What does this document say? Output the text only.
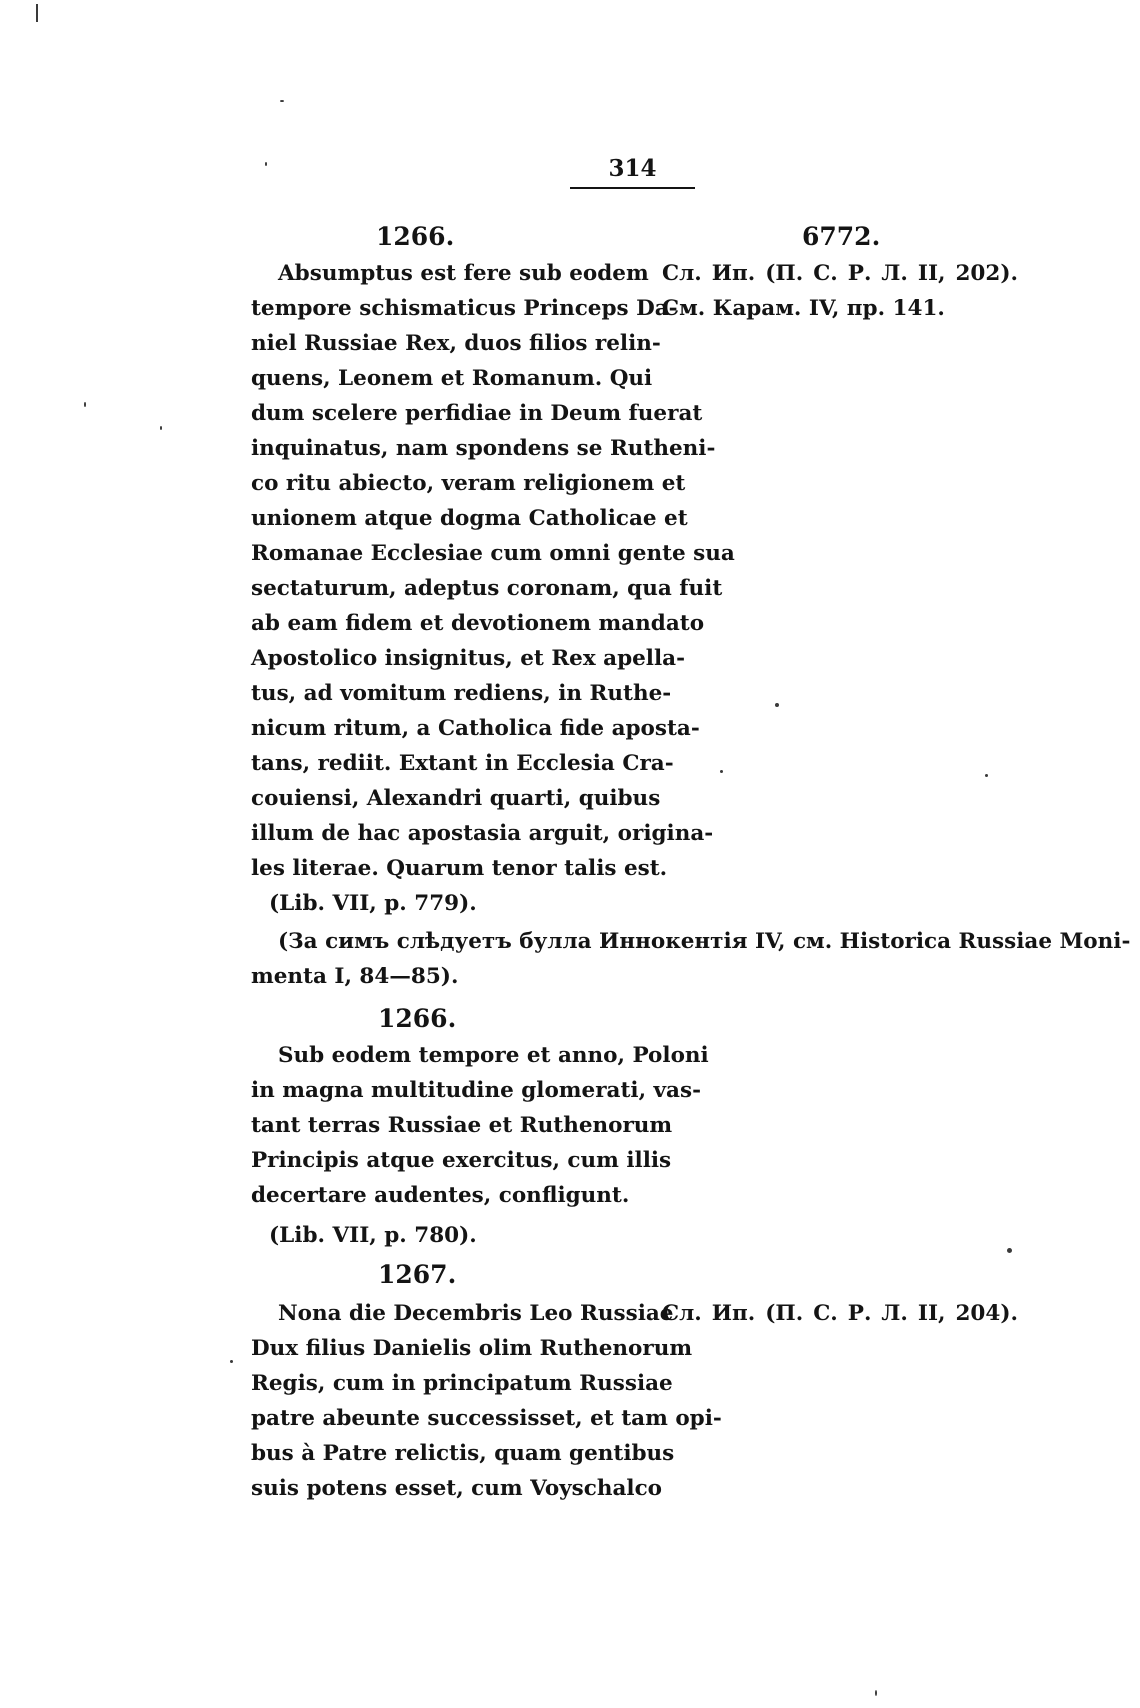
314
1266.	6772.
Absumptus est fere sub eodem
tempore schismaticus Princeps Da-
niel Russiae Rex, duos filios relin-
quens, Leonem et Romanum. Qui
dum scelere perfidiae in Deum fuerat
inquinatus, nam spondens se Rutheni-
co ritu abiecto, veram religionem et
unionem atque dogma Catholicae et
Romanae Ecclesiae cum omni gente sua
sectaturum, adeptus coronam, qua fuit
ab eam fidem et devotionem mandato
Apostolico insignitus, et Rex apella-
tus, ad vomitum rediens, in Ruthe-
nicum ritum, a Catholica fide aposta-
tans, rediit. Extant in Ecclesia Cra-
couiensi, Alexandri quarti, quibus
illum de hac apostasia arguit, origina-
les literae. Quarum tenor talis est.
(Lib. VII, p. 779).
Сл. Ип. (П. С. Р. Л. II, 202).
См. Карам. IV, пр. 141.
(За симъ слѣдуетъ булла Иннокентія IV, см. Historica Russiae Moni-
menta I, 84—85).
1266.
Sub eodem tempore et anno, Poloni
in magna multitudine glomerati, vas-
tant terras Russiae et Ruthenorum
Principis atque exercitus, cum illis
decertare audentes, confligunt.
(Lib. VII, p. 780).
1267.
Nona die Decembris Leo Russiae
Dux filius Danielis olim Ruthenorum
Regis, cum in principatum Russiae
patre abeunte successisset, et tam opi-
bus à Patre relictis, quam gentibus
suis potens esset, cum Voyschalco
Сл. Ип. (П. С. Р. Л. II, 204).
